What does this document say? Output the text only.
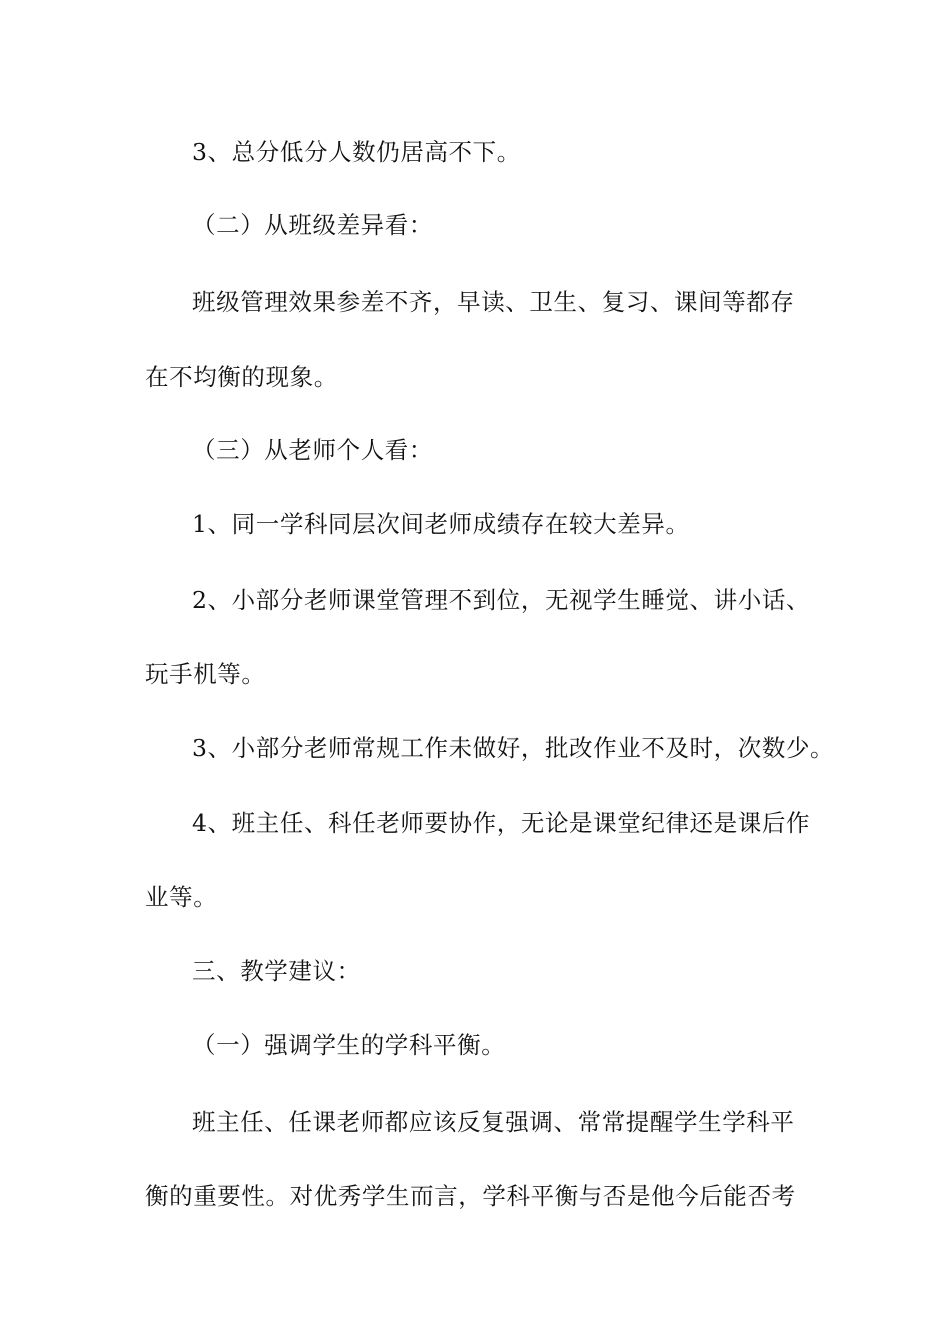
3、总分低分人数仍居高不下。

（二）从班级差异看：

班级管理效果参差不齐，早读、卫生、复习、课间等都存

在不均衡的现象。

（三）从老师个人看：

1、同一学科同层次间老师成绩存在较大差异。

2、小部分老师课堂管理不到位，无视学生睡觉、讲小话、

玩手机等。

3、小部分老师常规工作未做好，批改作业不及时，次数少。

4、班主任、科任老师要协作，无论是课堂纪律还是课后作

业等。

三、教学建议：

（一）强调学生的学科平衡。

班主任、任课老师都应该反复强调、常常提醒学生学科平

衡的重要性。对优秀学生而言，学科平衡与否是他今后能否考
